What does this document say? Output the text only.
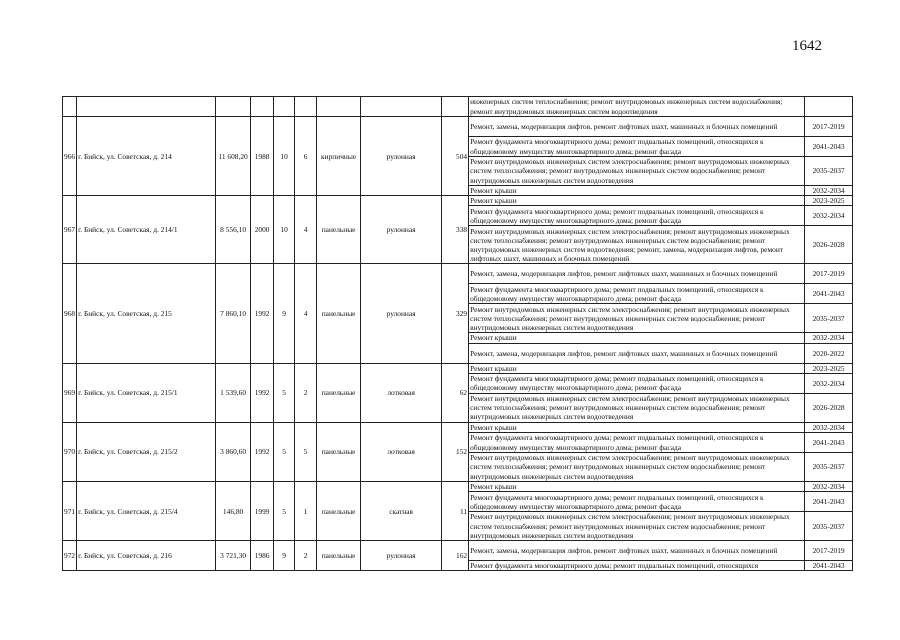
1642
									инженерных систем теплоснабжения; ремонт внутридомовых инженерных систем водоснабжения; ремонт внутридомовых инженерных систем водоотведения	
966	г. Бийск, ул. Советская, д. 214	11 608,20	1988	10	6	кирпичные	рулонная	504	Ремонт, замена, модернизация лифтов, ремонт лифтовых шахт, машинных и блочных помещений	2017-2019
									Ремонт фундамента многоквартирного дома; ремонт подвальных помещений, относящихся к общедомовому имуществу многоквартирного дома; ремонт фасада	2041-2043
									Ремонт внутридомовых инженерных систем электроснабжения; ремонт внутридомовых инженерных систем теплоснабжения; ремонт внутридомовых инженерных систем водоснабжения; ремонт внутридомовых инженерных систем водоотведения	2035-2037
									Ремонт крыши	2032-2034
967	г. Бийск, ул. Советская, д. 214/1	8 556,10	2000	10	4	панельные	рулонная	338	Ремонт крыши	2023-2025
									Ремонт фундамента многоквартирного дома; ремонт подвальных помещений, относящихся к общедомовому имуществу многоквартирного дома; ремонт фасада	2032-2034
									Ремонт внутридомовых инженерных систем электроснабжения; ремонт внутридомовых инженерных систем теплоснабжения; ремонт внутридомовых инженерных систем водоснабжения; ремонт внутридомовых инженерных систем водоотведения; ремонт, замена, модернизация лифтов, ремонт лифтовых шахт, машинных и блочных помещений	2026-2028
968	г. Бийск, ул. Советская, д. 215	7 860,10	1992	9	4	панельные	рулонная	329	Ремонт, замена, модернизация лифтов, ремонт лифтовых шахт, машинных и блочных помещений	2017-2019
									Ремонт фундамента многоквартирного дома; ремонт подвальных помещений, относящихся к общедомовому имуществу многоквартирного дома; ремонт фасада	2041-2043
									Ремонт внутридомовых инженерных систем электроснабжения; ремонт внутридомовых инженерных систем теплоснабжения; ремонт внутридомовых инженерных систем водоснабжения; ремонт внутридомовых инженерных систем водоотведения	2035-2037
									Ремонт крыши	2032-2034
									Ремонт, замена, модернизация лифтов, ремонт лифтовых шахт, машинных и блочных помещений	2020-2022
969	г. Бийск, ул. Советская, д. 215/1	1 539,60	1992	5	2	панельные	лотковая	62	Ремонт крыши	2023-2025
									Ремонт фундамента многоквартирного дома; ремонт подвальных помещений, относящихся к общедомовому имуществу многоквартирного дома; ремонт фасада	2032-2034
									Ремонт внутридомовых инженерных систем электроснабжения; ремонт внутридомовых инженерных систем теплоснабжения; ремонт внутридомовых инженерных систем водоснабжения; ремонт внутридомовых инженерных систем водоотведения	2026-2028
970	г. Бийск, ул. Советская, д. 215/2	3 860,60	1992	5	5	панельные	лотковая	152	Ремонт крыши	2032-2034
									Ремонт фундамента многоквартирного дома; ремонт подвальных помещений, относящихся к общедомовому имуществу многоквартирного дома; ремонт фасада	2041-2043
									Ремонт внутридомовых инженерных систем электроснабжения; ремонт внутридомовых инженерных систем теплоснабжения; ремонт внутридомовых инженерных систем водоснабжения; ремонт внутридомовых инженерных систем водоотведения	2035-2037
971	г. Бийск, ул. Советская, д. 215/4	146,80	1999	5	1	панельные	скатная	11	Ремонт крыши	2032-2034
									Ремонт фундамента многоквартирного дома; ремонт подвальных помещений, относящихся к общедомовому имуществу многоквартирного дома; ремонт фасада	2041-2043
									Ремонт внутридомовых инженерных систем электроснабжения; ремонт внутридомовых инженерных систем теплоснабжения; ремонт внутридомовых инженерных систем водоснабжения; ремонт внутридомовых инженерных систем водоотведения	2035-2037
972	г. Бийск, ул. Советская, д. 216	3 721,30	1986	9	2	панельные	рулонная	162	Ремонт, замена, модернизация лифтов, ремонт лифтовых шахт, машинных и блочных помещений	2017-2019
									Ремонт фундамента многоквартирного дома; ремонт подвальных помещений, относящихся	2041-2043
